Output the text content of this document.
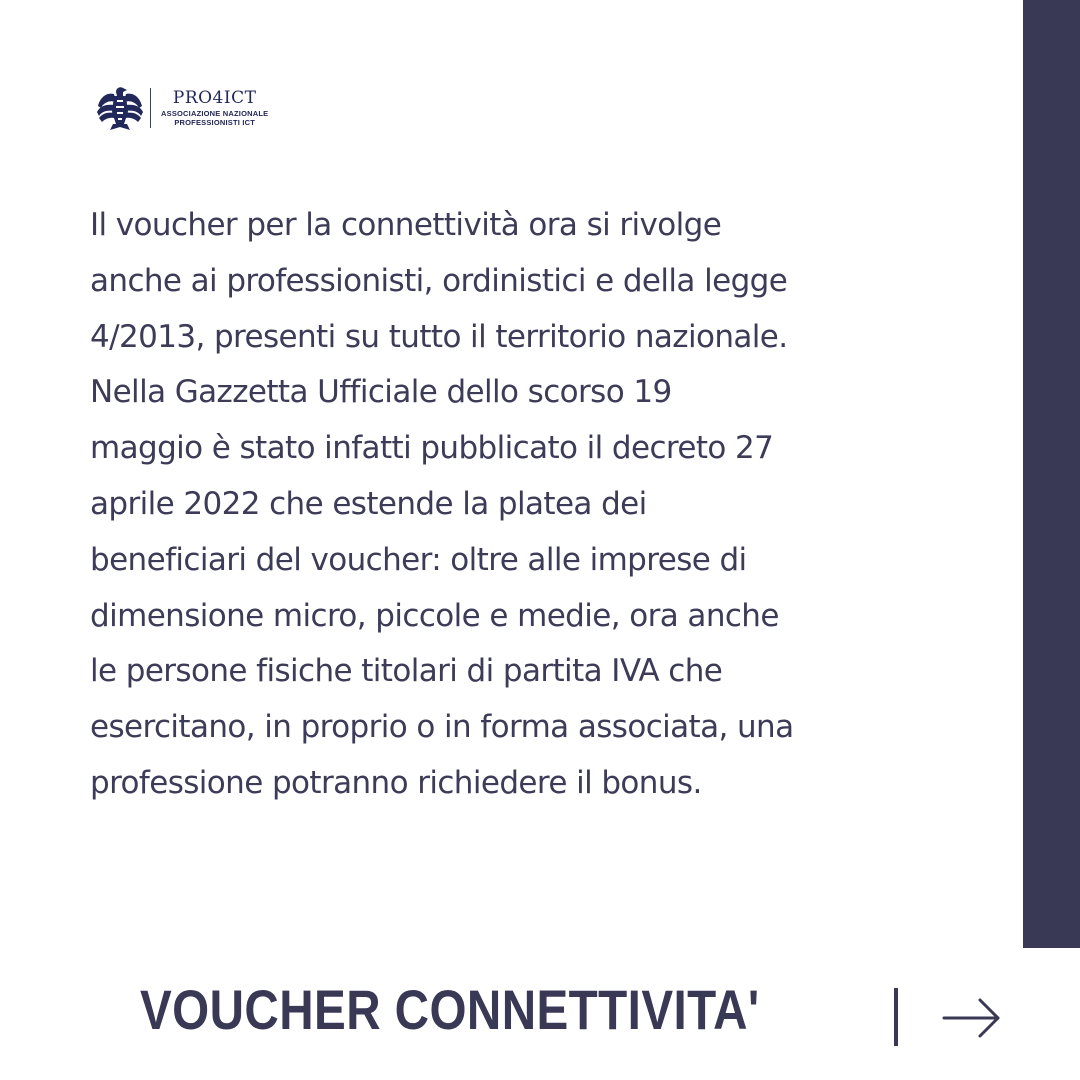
PRO4ICT
ASSOCIAZIONE NAZIONALE
PROFESSIONISTI ICT

Il voucher per la connettività ora si rivolge
anche ai professionisti, ordinistici e della legge
4/2013, presenti su tutto il territorio nazionale.
Nella Gazzetta Ufficiale dello scorso 19
maggio è stato infatti pubblicato il decreto 27
aprile 2022 che estende la platea dei
beneficiari del voucher: oltre alle imprese di
dimensione micro, piccole e medie, ora anche
le persone fisiche titolari di partita IVA che
esercitano, in proprio o in forma associata, una
professione potranno richiedere il bonus.

VOUCHER CONNETTIVITA'
